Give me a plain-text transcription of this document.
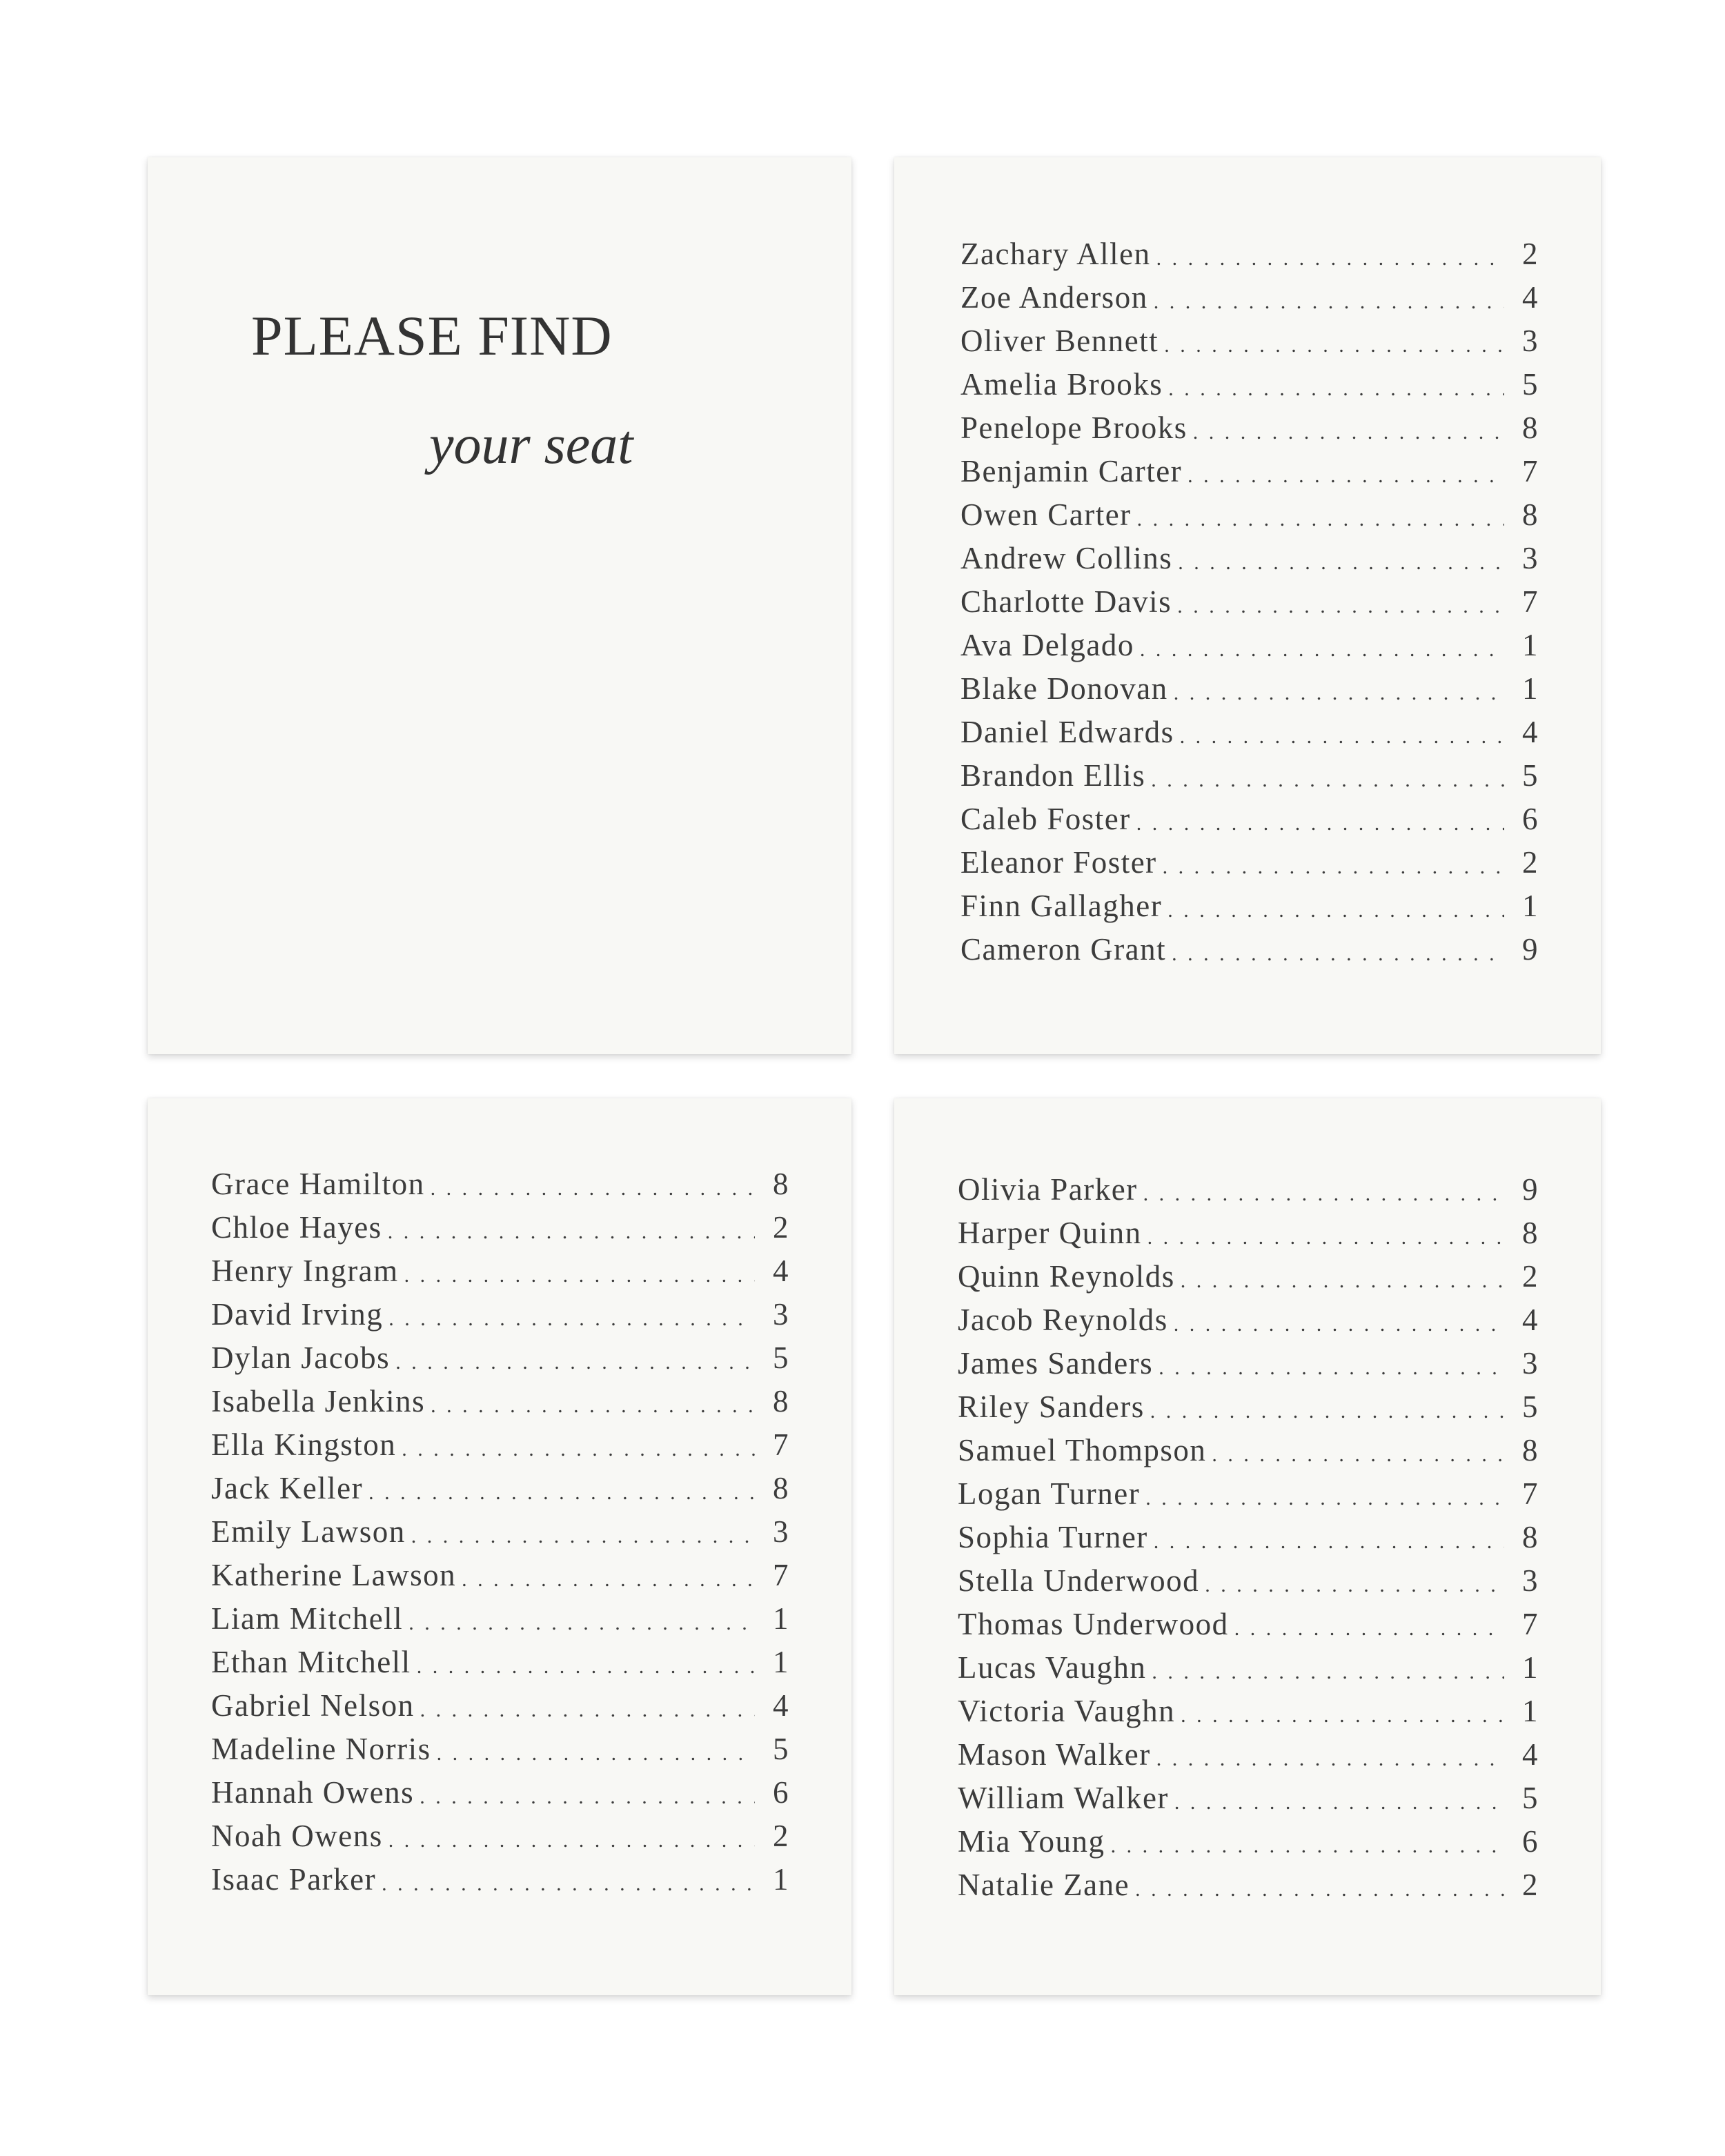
PLEASE FIND
your seat
Zachary Allen . . .	2
Zoe Anderson . . .	4
Oliver Bennett . . .	3
Amelia Brooks . . .	5
Penelope Brooks . . .	8
Benjamin Carter . . .	7
Owen Carter . . .	8
Andrew Collins . . .	3
Charlotte Davis . . .	7
Ava Delgado . . .	1
Blake Donovan . . .	1
Daniel Edwards . . .	4
Brandon Ellis . . .	5
Caleb Foster . . .	6
Eleanor Foster . . .	2
Finn Gallagher . . .	1
Cameron Grant . . .	9
Grace Hamilton . . .	8
Chloe Hayes . . .	2
Henry Ingram . . .	4
David Irving . . .	3
Dylan Jacobs . . .	5
Isabella Jenkins . . .	8
Ella Kingston . . .	7
Jack Keller . . .	8
Emily Lawson . . .	3
Katherine Lawson . . .	7
Liam Mitchell . . .	1
Ethan Mitchell . . .	1
Gabriel Nelson . . .	4
Madeline Norris . . .	5
Hannah Owens . . .	6
Noah Owens . . .	2
Isaac Parker . . .	1
Olivia Parker . . .	9
Harper Quinn . . .	8
Quinn Reynolds . . .	2
Jacob Reynolds . . .	4
James Sanders . . .	3
Riley Sanders . . .	5
Samuel Thompson . . .	8
Logan Turner . . .	7
Sophia Turner . . .	8
Stella Underwood . . .	3
Thomas Underwood . . .	7
Lucas Vaughn . . .	1
Victoria Vaughn . . .	1
Mason Walker . . .	4
William Walker . . .	5
Mia Young . . .	6
Natalie Zane . . .	2
